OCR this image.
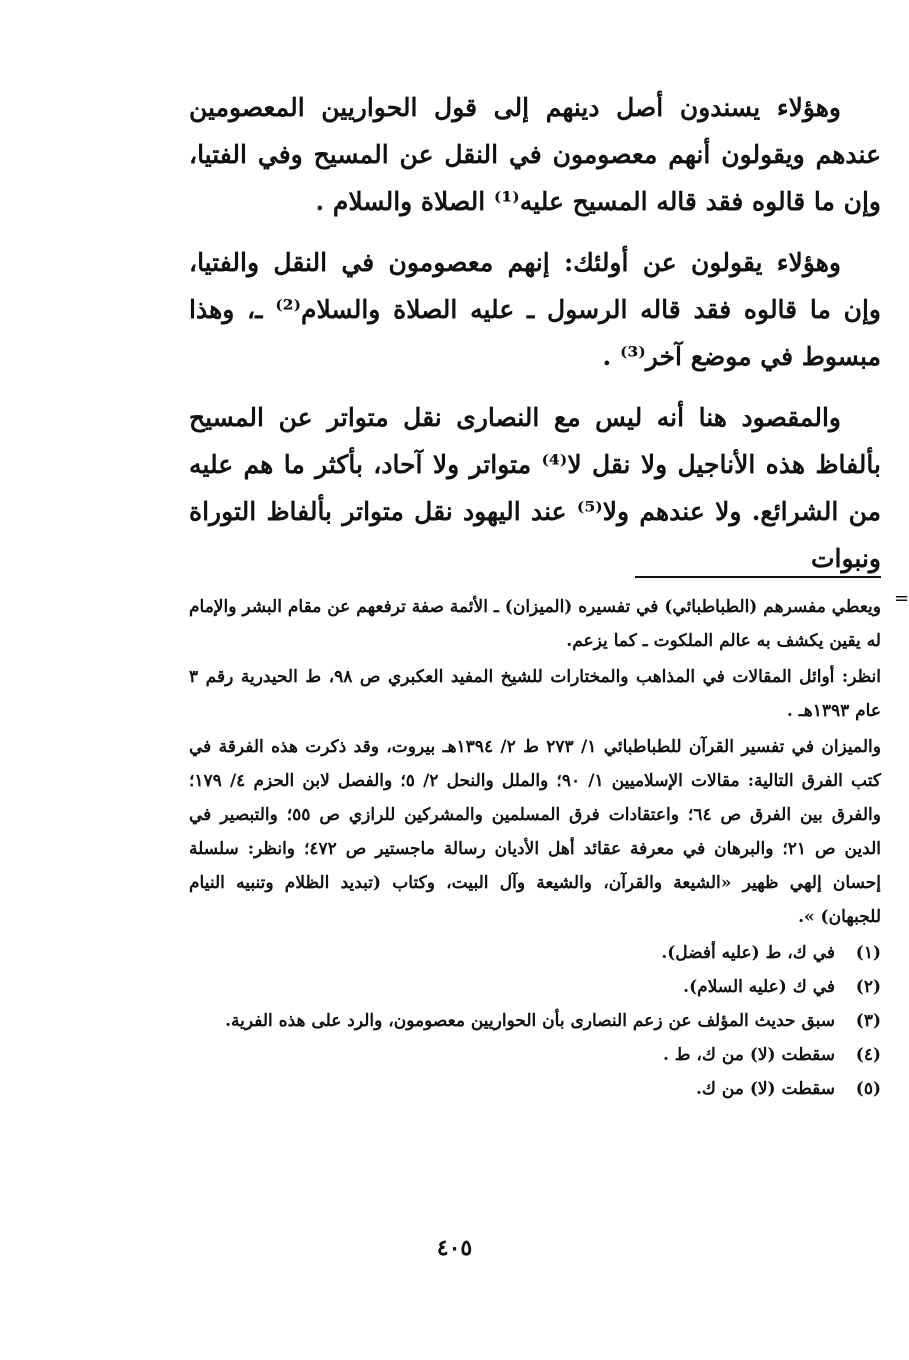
وهؤلاء يسندون أصل دينهم إلى قول الحواريين المعصومين عندهم ويقولون أنهم معصومون في النقل عن المسيح وفي الفتيا، وإن ما قالوه فقد قاله المسيح عليه⁽¹⁾ الصلاة والسلام .

وهؤلاء يقولون عن أولئك: إنهم معصومون في النقل والفتيا، وإن ما قالوه فقد قاله الرسول ـ عليه الصلاة والسلام⁽²⁾ ـ، وهذا مبسوط في موضع آخر⁽³⁾ .

والمقصود هنا أنه ليس مع النصارى نقل متواتر عن المسيح بألفاظ هذه الأناجيل ولا نقل لا⁽⁴⁾ متواتر ولا آحاد، بأكثر ما هم عليه من الشرائع. ولا عندهم ولا⁽⁵⁾ عند اليهود نقل متواتر بألفاظ التوراة ونبوات

=

ويعطي مفسرهم (الطباطبائي) في تفسيره (الميزان) ـ الأئمة صفة ترفعهم عن مقام البشر والإمام له يقين يكشف به عالم الملكوت ـ كما يزعم.

انظر: أوائل المقالات في المذاهب والمختارات للشيخ المفيد العكبري ص ٩٨، ط الحيدرية رقم ٣ عام ١٣٩٣هـ .

والميزان في تفسير القرآن للطباطبائي ١/ ٢٧٣ ط ٢/ ١٣٩٤هـ بيروت، وقد ذكرت هذه الفرقة في كتب الفرق التالية: مقالات الإسلاميين ١/ ٩٠؛ والملل والنحل ٢/ ٥؛ والفصل لابن الحزم ٤/ ١٧٩؛ والفرق بين الفرق ص ٦٤؛ واعتقادات فرق المسلمين والمشركين للرازي ص ٥٥؛ والتبصير في الدين ص ٢١؛ والبرهان في معرفة عقائد أهل الأديان رسالة ماجستير ص ٤٧٢؛ وانظر: سلسلة إحسان إلهي ظهير «الشيعة والقرآن، والشيعة وآل البيت، وكتاب (تبديد الظلام وتنبيه النيام للجبهان) ».

(١)
في ك، ط (عليه أفضل).
(٢)
في ك (عليه السلام).
(٣)
سبق حديث المؤلف عن زعم النصارى بأن الحواريين معصومون، والرد على هذه الفرية.
(٤)
سقطت (لا) من ك، ط .
(٥)
سقطت (لا) من ك.
٤٠٥
